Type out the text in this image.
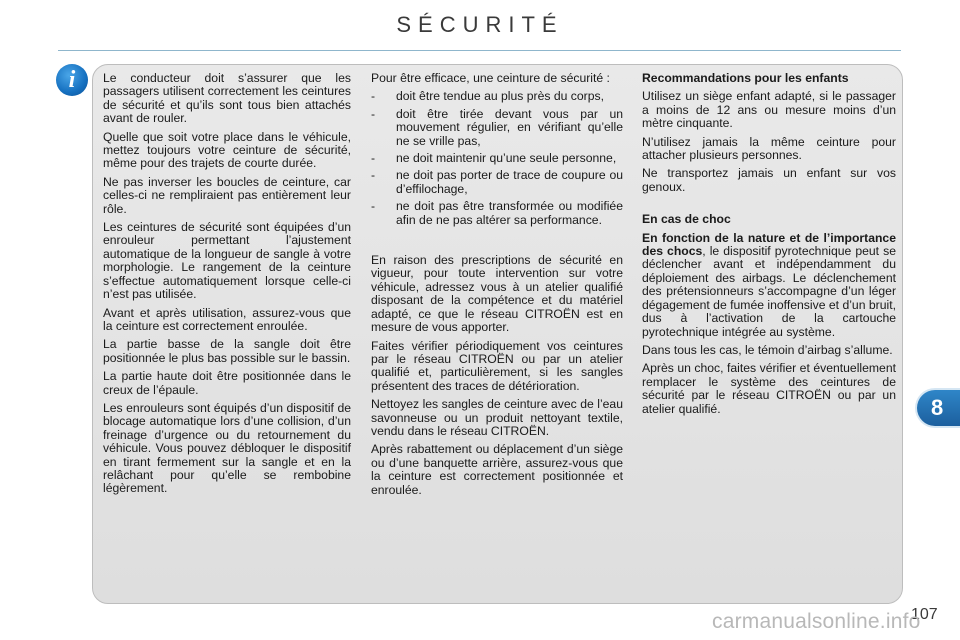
SÉCURITÉ
i	Le conducteur doit s’assurer que les passagers utilisent correctement les ceintures de sécurité et qu’ils sont tous bien attachés avant de rouler.

Quelle que soit votre place dans le véhicule, mettez toujours votre ceinture de sécurité, même pour des trajets de courte durée.

Ne pas inverser les boucles de ceinture, car celles-ci ne rempliraient pas entièrement leur rôle.

Les ceintures de sécurité sont équipées d’un enrouleur permettant l’ajustement automatique de la longueur de sangle à votre morphologie. Le rangement de la ceinture s’effectue automatiquement lorsque celle-ci n’est pas utilisée.

Avant et après utilisation, assurez-vous que la ceinture est correctement enroulée.

La partie basse de la sangle doit être positionnée le plus bas possible sur le bassin.

La partie haute doit être positionnée dans le creux de l’épaule.

Les enrouleurs sont équipés d’un dispositif de blocage automatique lors d’une collision, d’un freinage d’urgence ou du retournement du véhicule. Vous pouvez débloquer le dispositif en tirant fermement sur la sangle et en la relâchant pour qu’elle se rembobine légèrement.

Pour être efficace, une ceinture de sécurité :

- doit être tendue au plus près du corps,
- doit être tirée devant vous par un mouvement régulier, en vérifiant qu’elle ne se vrille pas,
- ne doit maintenir qu’une seule personne,
- ne doit pas porter de trace de coupure ou d’effilochage,
- ne doit pas être transformée ou modifiée afin de ne pas altérer sa performance.

En raison des prescriptions de sécurité en vigueur, pour toute intervention sur votre véhicule, adressez vous à un atelier qualifié disposant de la compétence et du matériel adapté, ce que le réseau CITROËN est en mesure de vous apporter.

Faites vérifier périodiquement vos ceintures par le réseau CITROËN ou par un atelier qualifié et, particulièrement, si les sangles présentent des traces de détérioration.

Nettoyez les sangles de ceinture avec de l’eau savonneuse ou un produit nettoyant textile, vendu dans le réseau CITROËN.

Après rabattement ou déplacement d’un siège ou d’une banquette arrière, assurez-vous que la ceinture est correctement positionnée et enroulée.

Recommandations pour les enfants

Utilisez un siège enfant adapté, si le passager a moins de 12 ans ou mesure moins d’un mètre cinquante.

N’utilisez jamais la même ceinture pour attacher plusieurs personnes.

Ne transportez jamais un enfant sur vos genoux.

En cas de choc

En fonction de la nature et de l’importance des chocs, le dispositif pyrotechnique peut se déclencher avant et indépendamment du déploiement des airbags. Le déclenchement des prétensionneurs s’accompagne d’un léger dégagement de fumée inoffensive et d’un bruit, dus à l’activation de la cartouche pyrotechnique intégrée au système.

Dans tous les cas, le témoin d’airbag s’allume.

Après un choc, faites vérifier et éventuellement remplacer le système des ceintures de sécurité par le réseau CITROËN ou par un atelier qualifié.	8
107
carmanualsonline.info
